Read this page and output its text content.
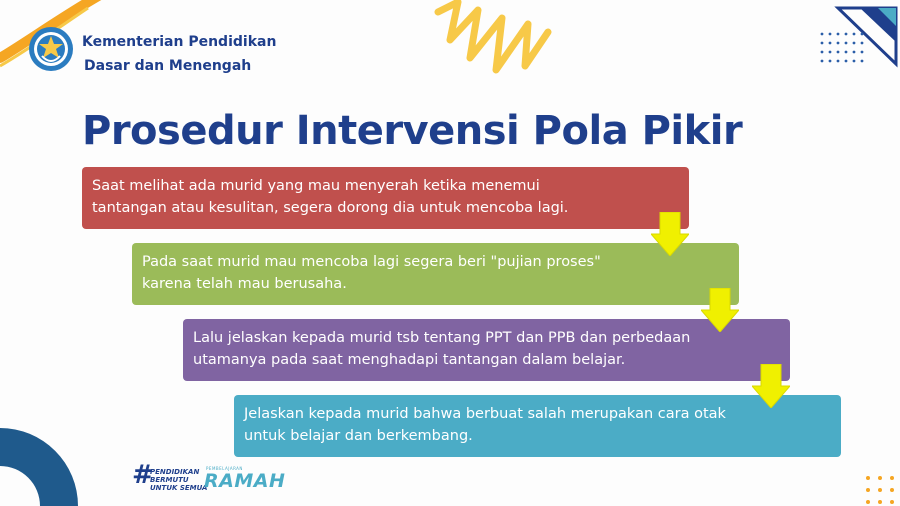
Kementerian Pendidikan
Dasar dan Menengah
Prosedur Intervensi Pola Pikir
Saat melihat ada murid yang mau menyerah ketika menemui
tantangan atau kesulitan, segera dorong dia untuk mencoba lagi.
Pada saat murid mau mencoba lagi segera beri "pujian proses"
karena telah mau berusaha.
Lalu jelaskan kepada murid tsb tentang PPT dan PPB dan perbedaan
utamanya pada saat menghadapi tantangan dalam belajar.
Jelaskan kepada murid bahwa berbuat salah merupakan cara otak
untuk belajar dan berkembang.
#
PENDIDIKAN
BERMUTU
UNTUK SEMUA
PEMBELAJARAN
RAMAH
